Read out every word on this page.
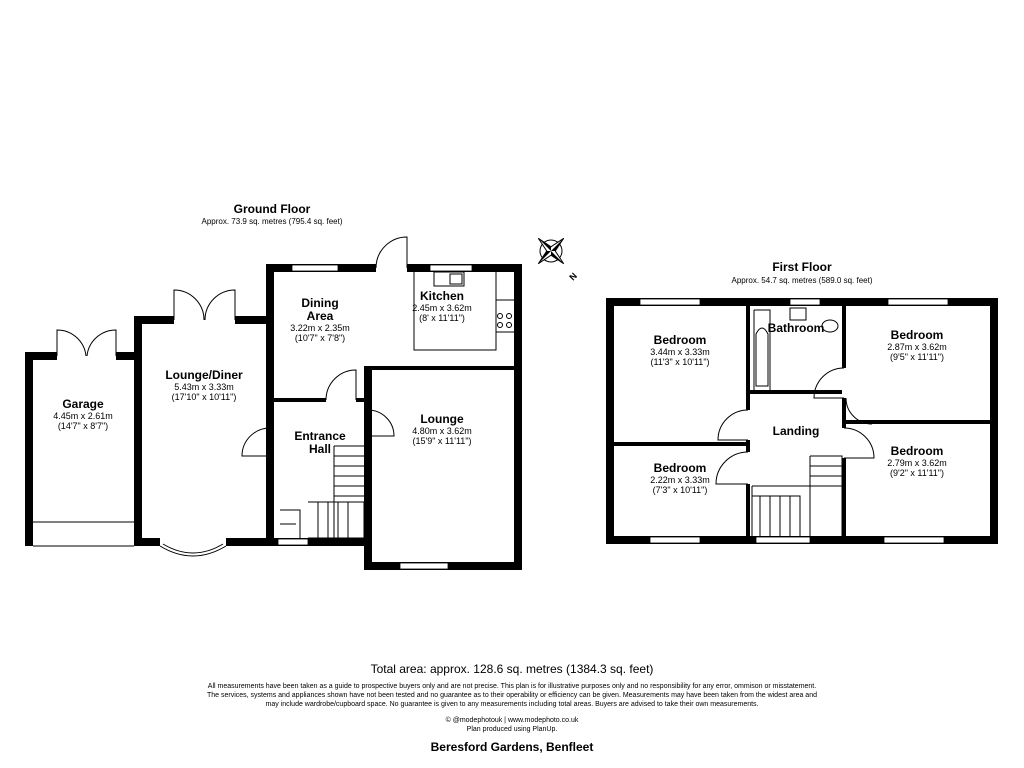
Ground Floor
Approx. 73.9 sq. metres (795.4 sq. feet)
Garage
4.45m x 2.61m
(14'7" x 8'7")
Lounge/Diner
5.43m x 3.33m
(17'10" x 10'11")
Dining
Area
3.22m x 2.35m
(10'7" x 7'8")
Kitchen
2.45m x 3.62m
(8' x 11'11")
Entrance
Hall
Lounge
4.80m x 3.62m
(15'9" x 11'11")
N
First Floor
Approx. 54.7 sq. metres (589.0 sq. feet)
Bedroom
3.44m x 3.33m
(11'3" x 10'11")
Bathroom	Bedroom
2.87m x 3.62m
(9'5" x 11'11")
Landing
Bedroom
2.22m x 3.33m
(7'3" x 10'11")
Bedroom
2.79m x 3.62m
(9'2" x 11'11")
Total area: approx. 128.6 sq. metres (1384.3 sq. feet)
All measurements have been taken as a guide to prospective buyers only and are not precise. This plan is for illustrative purposes only and no responsibility for any error, ommison or misstatement.
The services, systems and appliances shown have not been tested and no guarantee as to their operability or efficiency can be given. Measurements may have been taken from the widest area and
may include wardrobe/cupboard space. No guarantee is given to any measurements including total areas. Buyers are advised to take their own measurements.
© @modephotouk | www.modephoto.co.uk
Plan produced using PlanUp.
Beresford Gardens, Benfleet
